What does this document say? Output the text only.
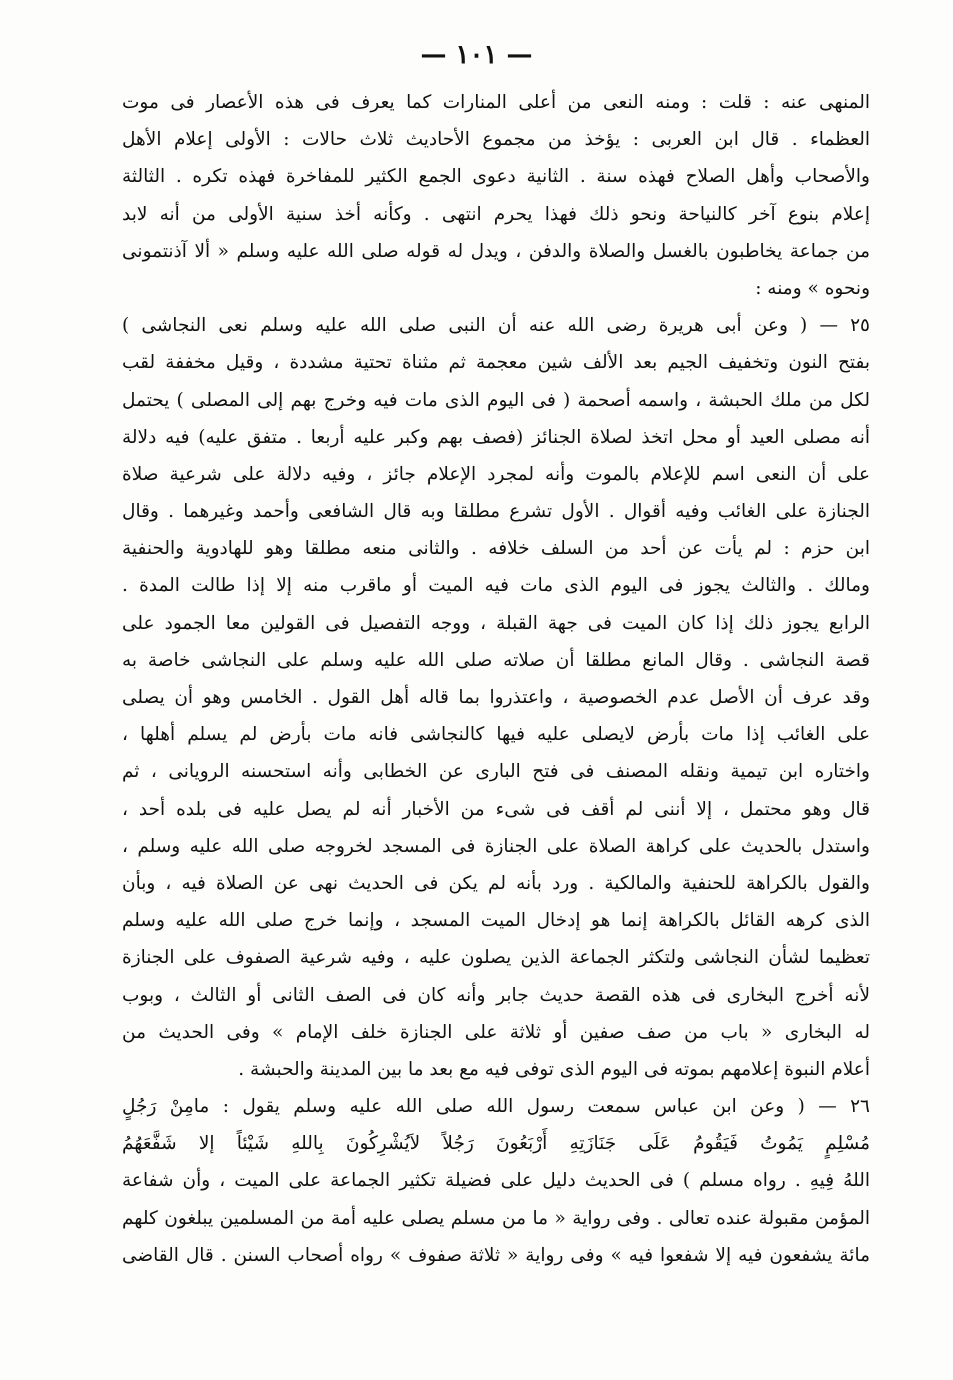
— ١٠١ —
المنهى عنه : قلت : ومنه النعى من أعلى المنارات كما يعرف فى هذه الأعصار فى موت
العظماء . قال ابن العربى : يؤخذ من مجموع الأحاديث ثلاث حالات : الأولى إعلام الأهل
والأصحاب وأهل الصلاح فهذه سنة . الثانية دعوى الجمع الكثير للمفاخرة فهذه تكره . الثالثة
إعلام بنوع آخر كالنياحة ونحو ذلك فهذا يحرم انتهى . وكأنه أخذ سنية الأولى من أنه لابد
من جماعة يخاطبون بالغسل والصلاة والدفن ، ويدل له قوله صلى الله عليه وسلم « ألا آذنتمونى
ونحوه » ومنه :
٢٥ — ( وعن أبى هريرة رضى الله عنه أن النبى صلى الله عليه وسلم نعى النجاشى )
بفتح النون وتخفيف الجيم بعد الألف شين معجمة ثم مثناة تحتية مشددة ، وقيل مخففة لقب
لكل من ملك الحبشة ، واسمه أصحمة ( فى اليوم الذى مات فيه وخرج بهم إلى المصلى ) يحتمل
أنه مصلى العيد أو محل اتخذ لصلاة الجنائز (فصف بهم وكبر عليه أربعا . متفق عليه) فيه دلالة
على أن النعى اسم للإعلام بالموت وأنه لمجرد الإعلام جائز ، وفيه دلالة على شرعية صلاة
الجنازة على الغائب وفيه أقوال . الأول تشرع مطلقا وبه قال الشافعى وأحمد وغيرهما . وقال
ابن حزم : لم يأت عن أحد من السلف خلافه . والثانى منعه مطلقا وهو للهادوية والحنفية
ومالك . والثالث يجوز فى اليوم الذى مات فيه الميت أو ماقرب منه إلا إذا طالت المدة .
الرابع يجوز ذلك إذا كان الميت فى جهة القبلة ، ووجه التفصيل فى القولين معا الجمود على
قصة النجاشى . وقال المانع مطلقا أن صلاته صلى الله عليه وسلم على النجاشى خاصة به
وقد عرف أن الأصل عدم الخصوصية ، واعتذروا بما قاله أهل القول . الخامس وهو أن يصلى
على الغائب إذا مات بأرض لايصلى عليه فيها كالنجاشى فانه مات بأرض لم يسلم أهلها ،
واختاره ابن تيمية ونقله المصنف فى فتح البارى عن الخطابى وأنه استحسنه الرويانى ، ثم
قال وهو محتمل ، إلا أننى لم أقف فى شىء من الأخبار أنه لم يصل عليه فى بلده أحد ،
واستدل بالحديث على كراهة الصلاة على الجنازة فى المسجد لخروجه صلى الله عليه وسلم ،
والقول بالكراهة للحنفية والمالكية . ورد بأنه لم يكن فى الحديث نهى عن الصلاة فيه ، وبأن
الذى كرهه القائل بالكراهة إنما هو إدخال الميت المسجد ، وإنما خرج صلى الله عليه وسلم
تعظيما لشأن النجاشى ولتكثر الجماعة الذين يصلون عليه ، وفيه شرعية الصفوف على الجنازة
لأنه أخرج البخارى فى هذه القصة حديث جابر وأنه كان فى الصف الثانى أو الثالث ، وبوب
له البخارى « باب من صف صفين أو ثلاثة على الجنازة خلف الإمام » وفى الحديث من
أعلام النبوة إعلامهم بموته فى اليوم الذى توفى فيه مع بعد ما بين المدينة والحبشة .
٢٦ — ( وعن ابن عباس سمعت رسول الله صلى الله عليه وسلم يقول : مامِنْ رَجُلٍ
مُسْلِمٍ يَمُوتُ فَيَقُومُ عَلَى جَنَازَتِهِ أَرْبَعُونَ رَجُلاً لاَيُشْرِكُونَ بِاللهِ شَيْئاً إلا شَفَّعَهُمُ
اللهُ فِيهِ . رواه مسلم ) فى الحديث دليل على فضيلة تكثير الجماعة على الميت ، وأن شفاعة
المؤمن مقبولة عنده تعالى . وفى رواية « ما من مسلم يصلى عليه أمة من المسلمين يبلغون كلهم
مائة يشفعون فيه إلا شفعوا فيه » وفى رواية « ثلاثة صفوف » رواه أصحاب السنن . قال القاضى
